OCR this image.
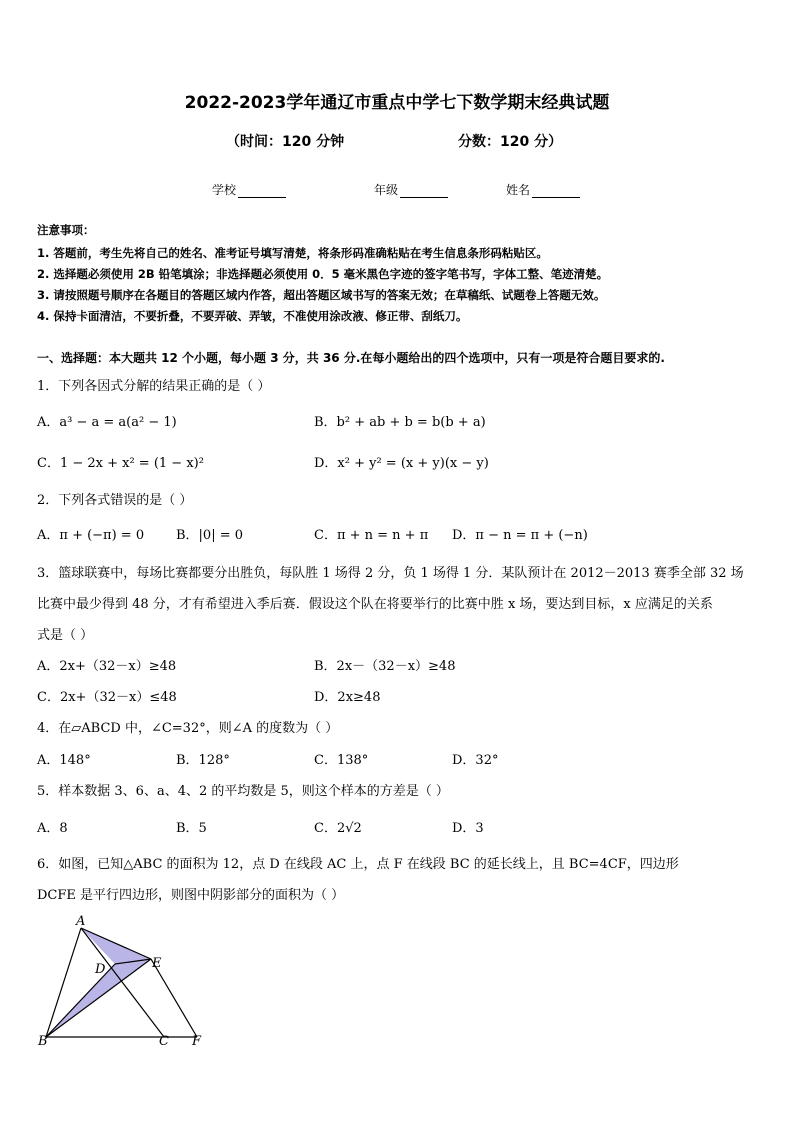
2022-2023学年通辽市重点中学七下数学期末经典试题
（时间：120 分钟	分数：120 分）
学校	年级	姓名
注意事项：
1. 答题前，考生先将自己的姓名、准考证号填写清楚，将条形码准确粘贴在考生信息条形码粘贴区。
2. 选择题必须使用 2B 铅笔填涂；非选择题必须使用 0．5 毫米黑色字迹的签字笔书写，字体工整、笔迹清楚。
3. 请按照题号顺序在各题目的答题区域内作答，超出答题区域书写的答案无效；在草稿纸、试题卷上答题无效。
4. 保持卡面清洁，不要折叠，不要弄破、弄皱，不准使用涂改液、修正带、刮纸刀。
一、选择题：本大题共 12 个小题，每小题 3 分，共 36 分.在每小题给出的四个选项中，只有一项是符合题目要求的.
1．下列各因式分解的结果正确的是（ ）
A．a³ − a = a(a² − 1)	B．b² + ab + b = b(b + a)
C．1 − 2x + x² = (1 − x)²	D．x² + y² = (x + y)(x − y)
2．下列各式错误的是（ ）
A．π + (−π) = 0 B．|0| = 0	C．π + n = n + π D．π − n = π + (−n)
3．篮球联赛中，每场比赛都要分出胜负，每队胜 1 场得 2 分，负 1 场得 1 分．某队预计在 2012－2013 赛季全部 32 场
比赛中最少得到 48 分，才有希望进入季后赛．假设这个队在将要举行的比赛中胜 x 场，要达到目标，x 应满足的关系
式是（ ）
A．2x+（32－x）≥48	B．2x－（32－x）≥48
C．2x+（32－x）≤48	D．2x≥48
4．在▱ABCD 中，∠C=32°，则∠A 的度数为（ ）
A．148°	B．128°	C．138°	D．32°
5．样本数据 3、6、a、4、2 的平均数是 5，则这个样本的方差是（ ）
A．8	B．5	C．2√2	D．3
6．如图，已知△ABC 的面积为 12，点 D 在线段 AC 上，点 F 在线段 BC 的延长线上，且 BC=4CF，四边形
DCFE 是平行四边形，则图中阴影部分的面积为（ ）
A
B	C
D	E
F
